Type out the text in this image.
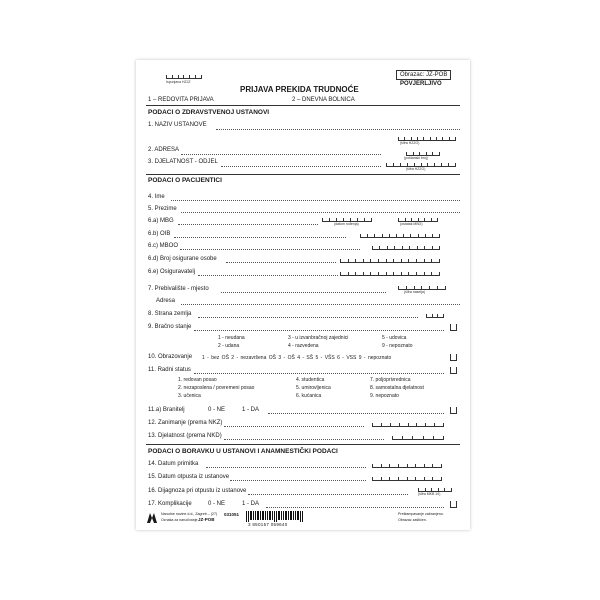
Ispunjava HZJZ
Obrazac: JZ-POB
POVJERLJIVO
PRIJAVA PREKIDA TRUDNOĆE
1 – REDOVITA PRIJAVA	2 – DNEVNA BOLNICA
PODACI O ZDRAVSTVENOJ USTANOVI
1. NAZIV USTANOVE
(šifra HZZO)
2. ADRESA
(poštanski broj)
3. DJELATNOST - ODJEL
(šifra HZZO)
PODACI O PACIJENTICI
4. Ime
5. Prezime
6.a) MBG	(datum rođenja)	(ostatak MBG)
6.b) OIB
6.c) MBOO
6.d) Broj osigurane osobe
6.e) Osiguravatelj
7. Prebivalište - mjesto	(šifra naselja)
Adresa
8. Strana zemlja
9. Bračno stanje
1 - neudana
2 - udana
3 - u izvanbračnoj zajednici
4 - razvedena
5 - udovica
9 - nepoznato
10. Obrazovanje 1 - bez OŠ 2 - nezavršena OŠ 3 - OŠ 4 - SŠ 5 - VŠS 6 - VSS 9 - nepoznato
11. Radni status
1. redovan posao
2. nezaposlena / povremeni posao
3. učenica
4. studentica
5. umirovljenica
6. kućanica
7. poljoprivrednica
8. samostalna djelatnost
9. nepoznato
11.a) Branitelj	0 - NE	1 - DA
12. Zanimanje (prema NKZ)
13. Djelatnost (prema NKD)
PODACI O BORAVKU U USTANOVI I ANAMNESTIČKI PODACI
14. Datum primitka
15. Datum otpusta iz ustanove
16. Dijagnoza pri otpustu iz ustanove	(šifra MKB 10)
17. Komplikacije	0 - NE	1 - DA
Narodne novine d.d., Zagreb – (27)
Oznaka za naručivanje JZ-POB
031051
3 850157 059640
Preštampavanje zabranjeno.
Obrazac zaštićen.
